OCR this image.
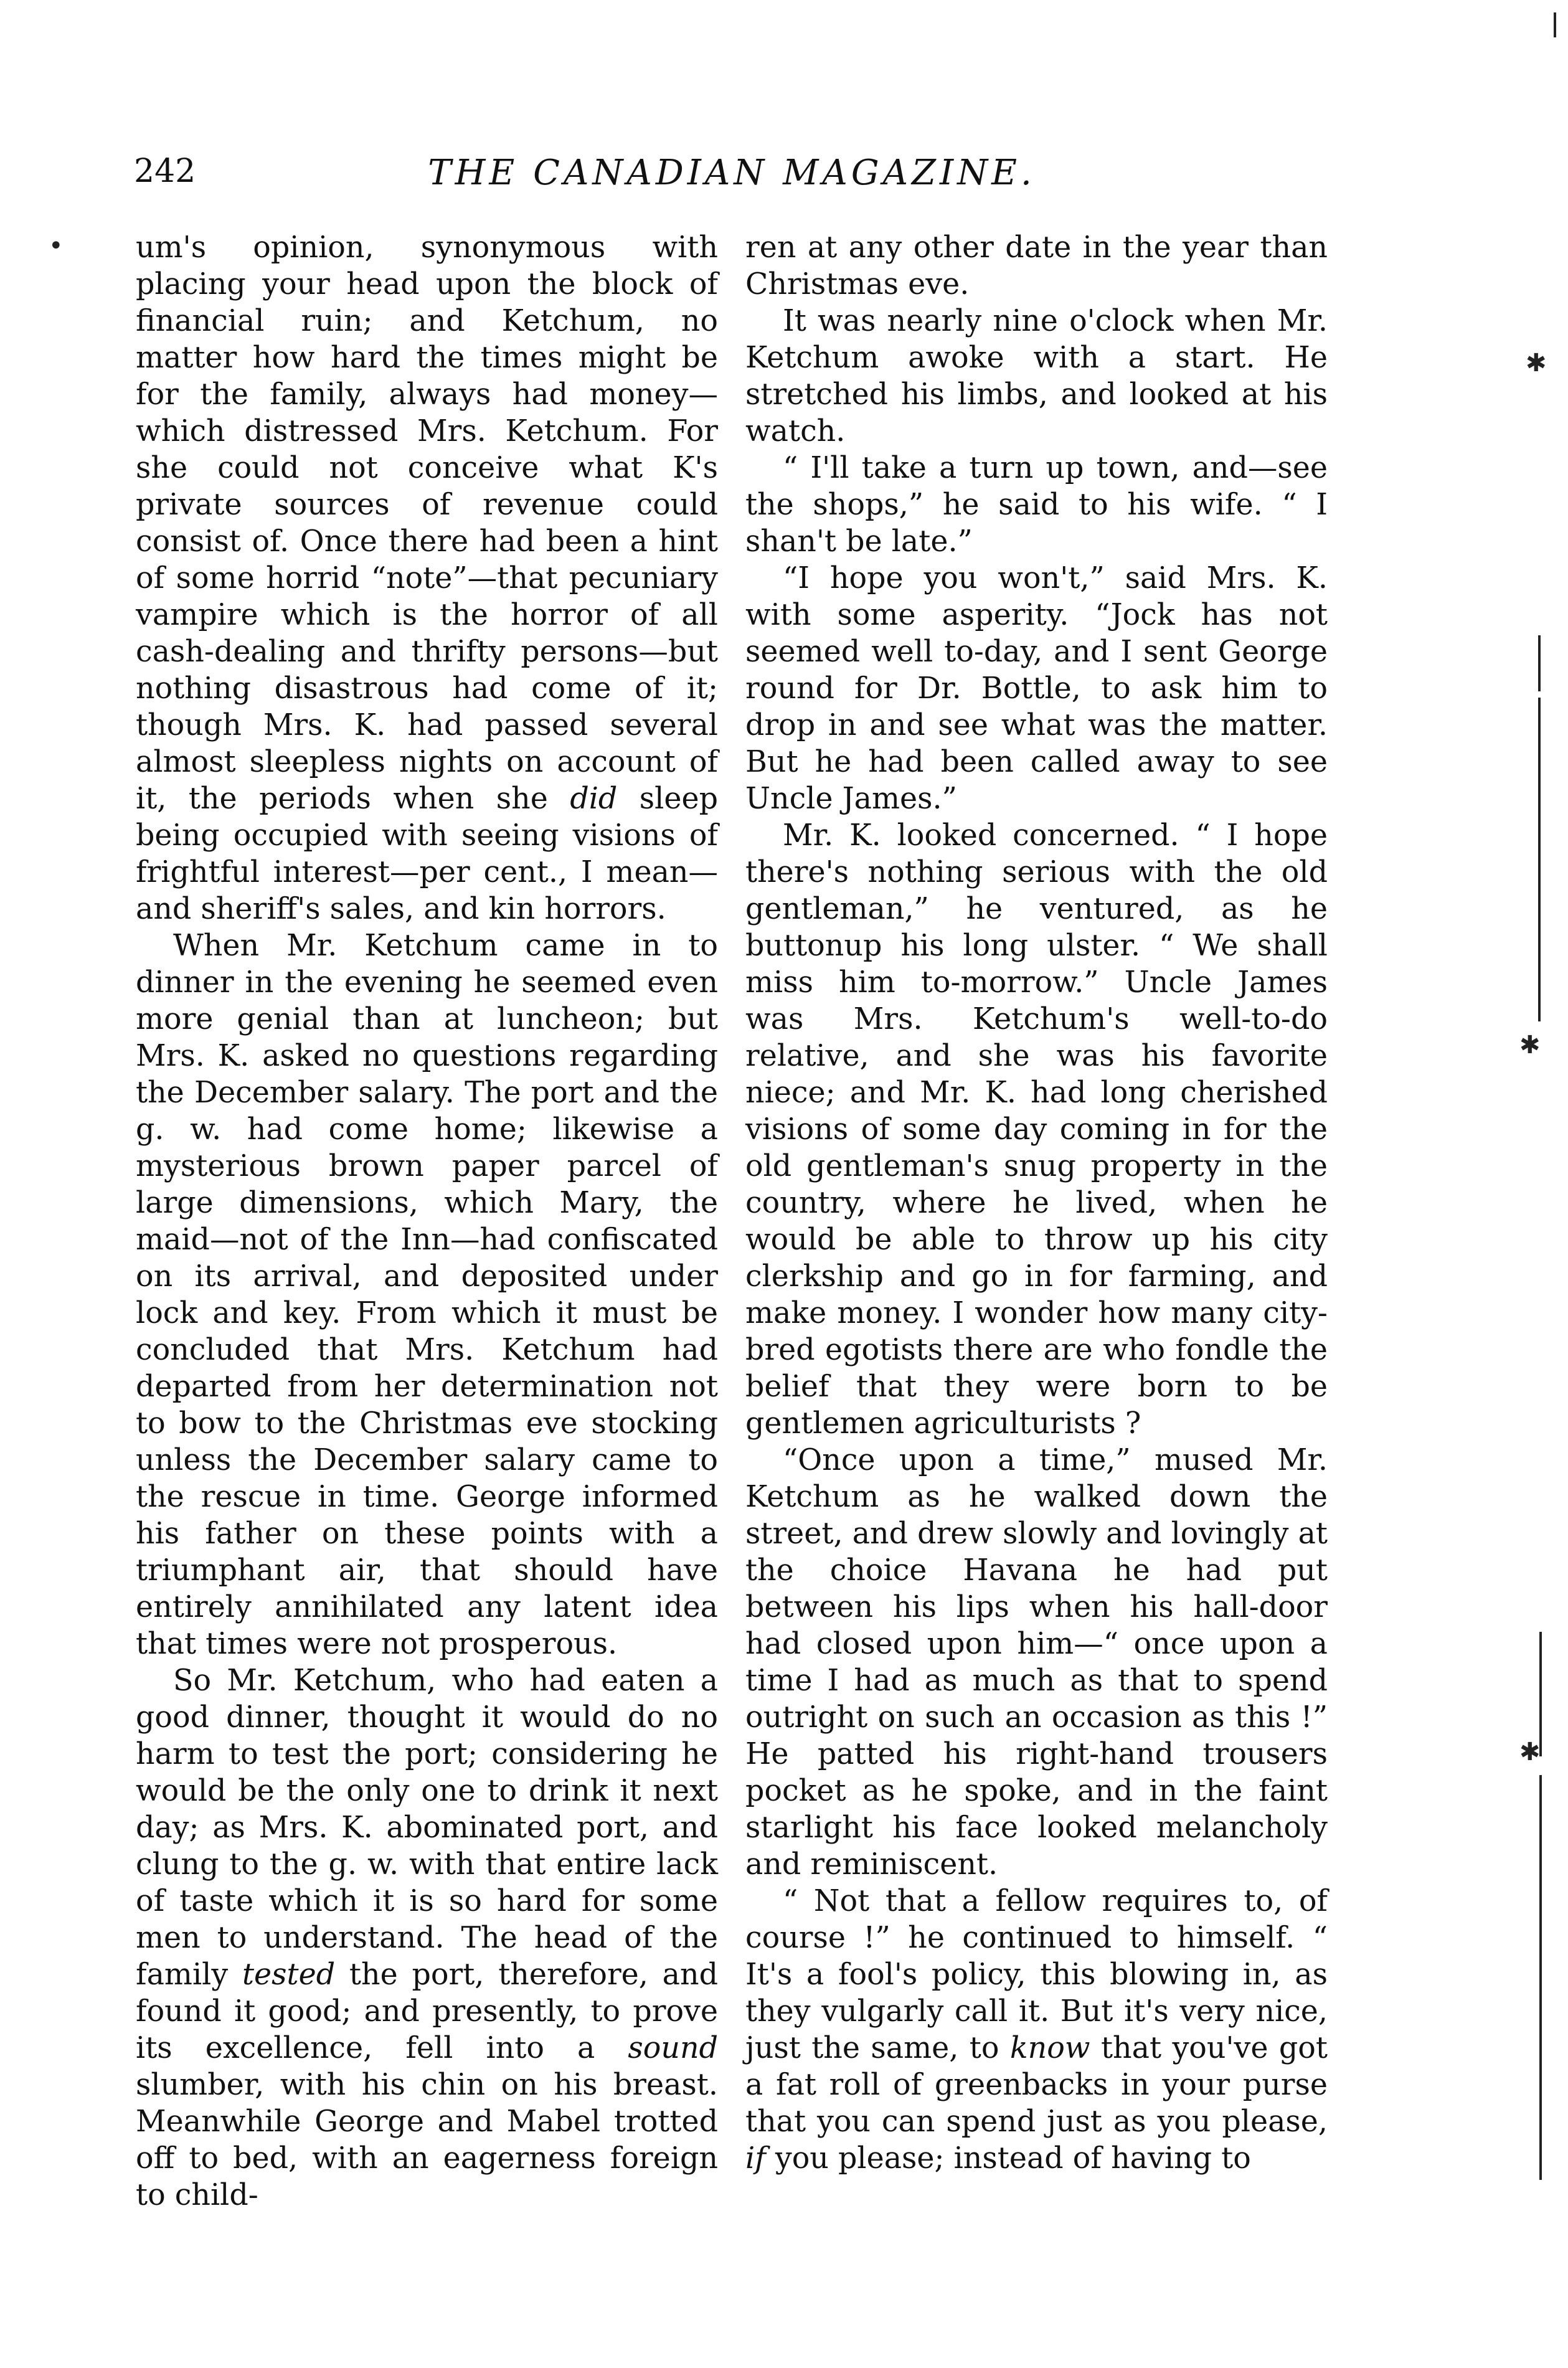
242	THE CANADIAN MAGAZINE.

um's opinion, synonymous with placing your head upon the block of financial ruin; and Ketchum, no matter how hard the times might be for the family, always had money—which distressed Mrs. Ketchum. For she could not conceive what K's private sources of revenue could consist of. Once there had been a hint of some horrid “note”—that pecuniary vampire which is the horror of all cash-dealing and thrifty persons—but nothing disastrous had come of it; though Mrs. K. had passed several almost sleepless nights on account of it, the periods when she did sleep being occupied with seeing visions of frightful interest—per cent., I mean—and sheriff's sales, and kin horrors.

When Mr. Ketchum came in to dinner in the evening he seemed even more genial than at luncheon; but Mrs. K. asked no questions regarding the December salary. The port and the g. w. had come home; likewise a mysterious brown paper parcel of large dimensions, which Mary, the maid—not of the Inn—had confiscated on its arrival, and deposited under lock and key. From which it must be concluded that Mrs. Ketchum had departed from her determination not to bow to the Christmas eve stocking unless the December salary came to the rescue in time. George informed his father on these points with a triumphant air, that should have entirely annihilated any latent idea that times were not prosperous.

So Mr. Ketchum, who had eaten a good dinner, thought it would do no harm to test the port; considering he would be the only one to drink it next day; as Mrs. K. abominated port, and clung to the g. w. with that entire lack of taste which it is so hard for some men to understand. The head of the family tested the port, therefore, and found it good; and presently, to prove its excellence, fell into a sound slumber, with his chin on his breast. Meanwhile George and Mabel trotted off to bed, with an eagerness foreign to child-

ren at any other date in the year than Christmas eve.

It was nearly nine o'clock when Mr. Ketchum awoke with a start. He stretched his limbs, and looked at his watch.

“ I'll take a turn up town, and—see the shops,” he said to his wife. “ I shan't be late.”

“I hope you won't,” said Mrs. K. with some asperity. “Jock has not seemed well to-day, and I sent George round for Dr. Bottle, to ask him to drop in and see what was the matter. But he had been called away to see Uncle James.”

Mr. K. looked concerned. “ I hope there's nothing serious with the old gentleman,” he ventured, as he buttonup his long ulster. “ We shall miss him to-morrow.” Uncle James was Mrs. Ketchum's well-to-do relative, and she was his favorite niece; and Mr. K. had long cherished visions of some day coming in for the old gentleman's snug property in the country, where he lived, when he would be able to throw up his city clerkship and go in for farming, and make money. I wonder how many city-bred egotists there are who fondle the belief that they were born to be gentlemen agriculturists ?

“Once upon a time,” mused Mr. Ketchum as he walked down the street, and drew slowly and lovingly at the choice Havana he had put between his lips when his hall-door had closed upon him—“ once upon a time I had as much as that to spend outright on such an occasion as this !” He patted his right-hand trousers pocket as he spoke, and in the faint starlight his face looked melancholy and reminiscent.

“ Not that a fellow requires to, of course !” he continued to himself. “ It's a fool's policy, this blowing in, as they vulgarly call it. But it's very nice, just the same, to know that you've got a fat roll of greenbacks in your purse that you can spend just as you please, if you please; instead of having to

•
✱
✱
✱
